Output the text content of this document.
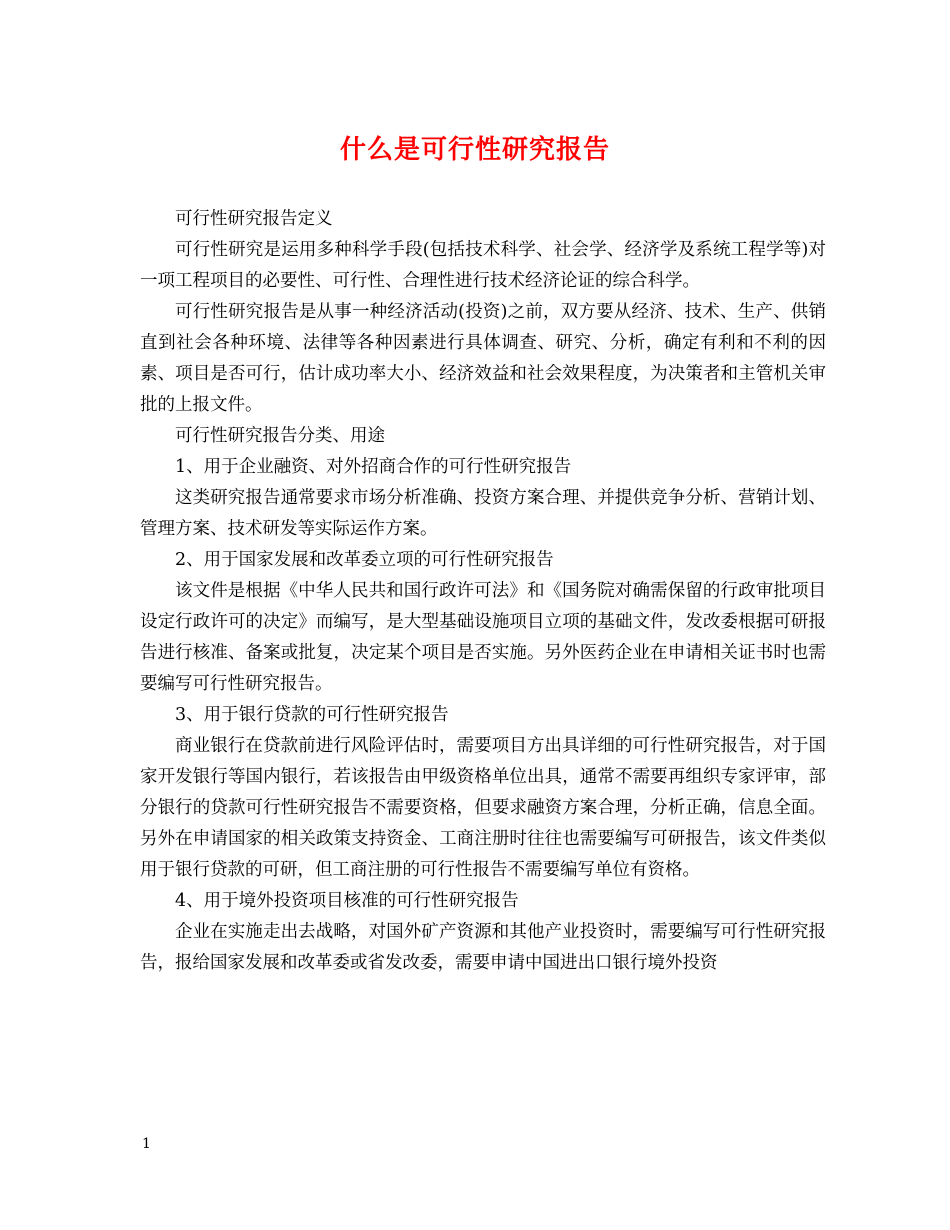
什么是可行性研究报告

可行性研究报告定义

可行性研究是运用多种科学手段(包括技术科学、社会学、经济学及系统工程学等)对一项工程项目的必要性、可行性、合理性进行技术经济论证的综合科学。

可行性研究报告是从事一种经济活动(投资)之前，双方要从经济、技术、生产、供销直到社会各种环境、法律等各种因素进行具体调查、研究、分析，确定有利和不利的因素、项目是否可行，估计成功率大小、经济效益和社会效果程度，为决策者和主管机关审批的上报文件。

可行性研究报告分类、用途

1、用于企业融资、对外招商合作的可行性研究报告

这类研究报告通常要求市场分析准确、投资方案合理、并提供竞争分析、营销计划、管理方案、技术研发等实际运作方案。

2、用于国家发展和改革委立项的可行性研究报告

该文件是根据《中华人民共和国行政许可法》和《国务院对确需保留的行政审批项目设定行政许可的决定》而编写，是大型基础设施项目立项的基础文件，发改委根据可研报告进行核准、备案或批复，决定某个项目是否实施。另外医药企业在申请相关证书时也需要编写可行性研究报告。

3、用于银行贷款的可行性研究报告

商业银行在贷款前进行风险评估时，需要项目方出具详细的可行性研究报告，对于国家开发银行等国内银行，若该报告由甲级资格单位出具，通常不需要再组织专家评审，部分银行的贷款可行性研究报告不需要资格，但要求融资方案合理，分析正确，信息全面。另外在申请国家的相关政策支持资金、工商注册时往往也需要编写可研报告，该文件类似用于银行贷款的可研，但工商注册的可行性报告不需要编写单位有资格。

4、用于境外投资项目核准的可行性研究报告

企业在实施走出去战略，对国外矿产资源和其他产业投资时，需要编写可行性研究报告，报给国家发展和改革委或省发改委，需要申请中国进出口银行境外投资

1
